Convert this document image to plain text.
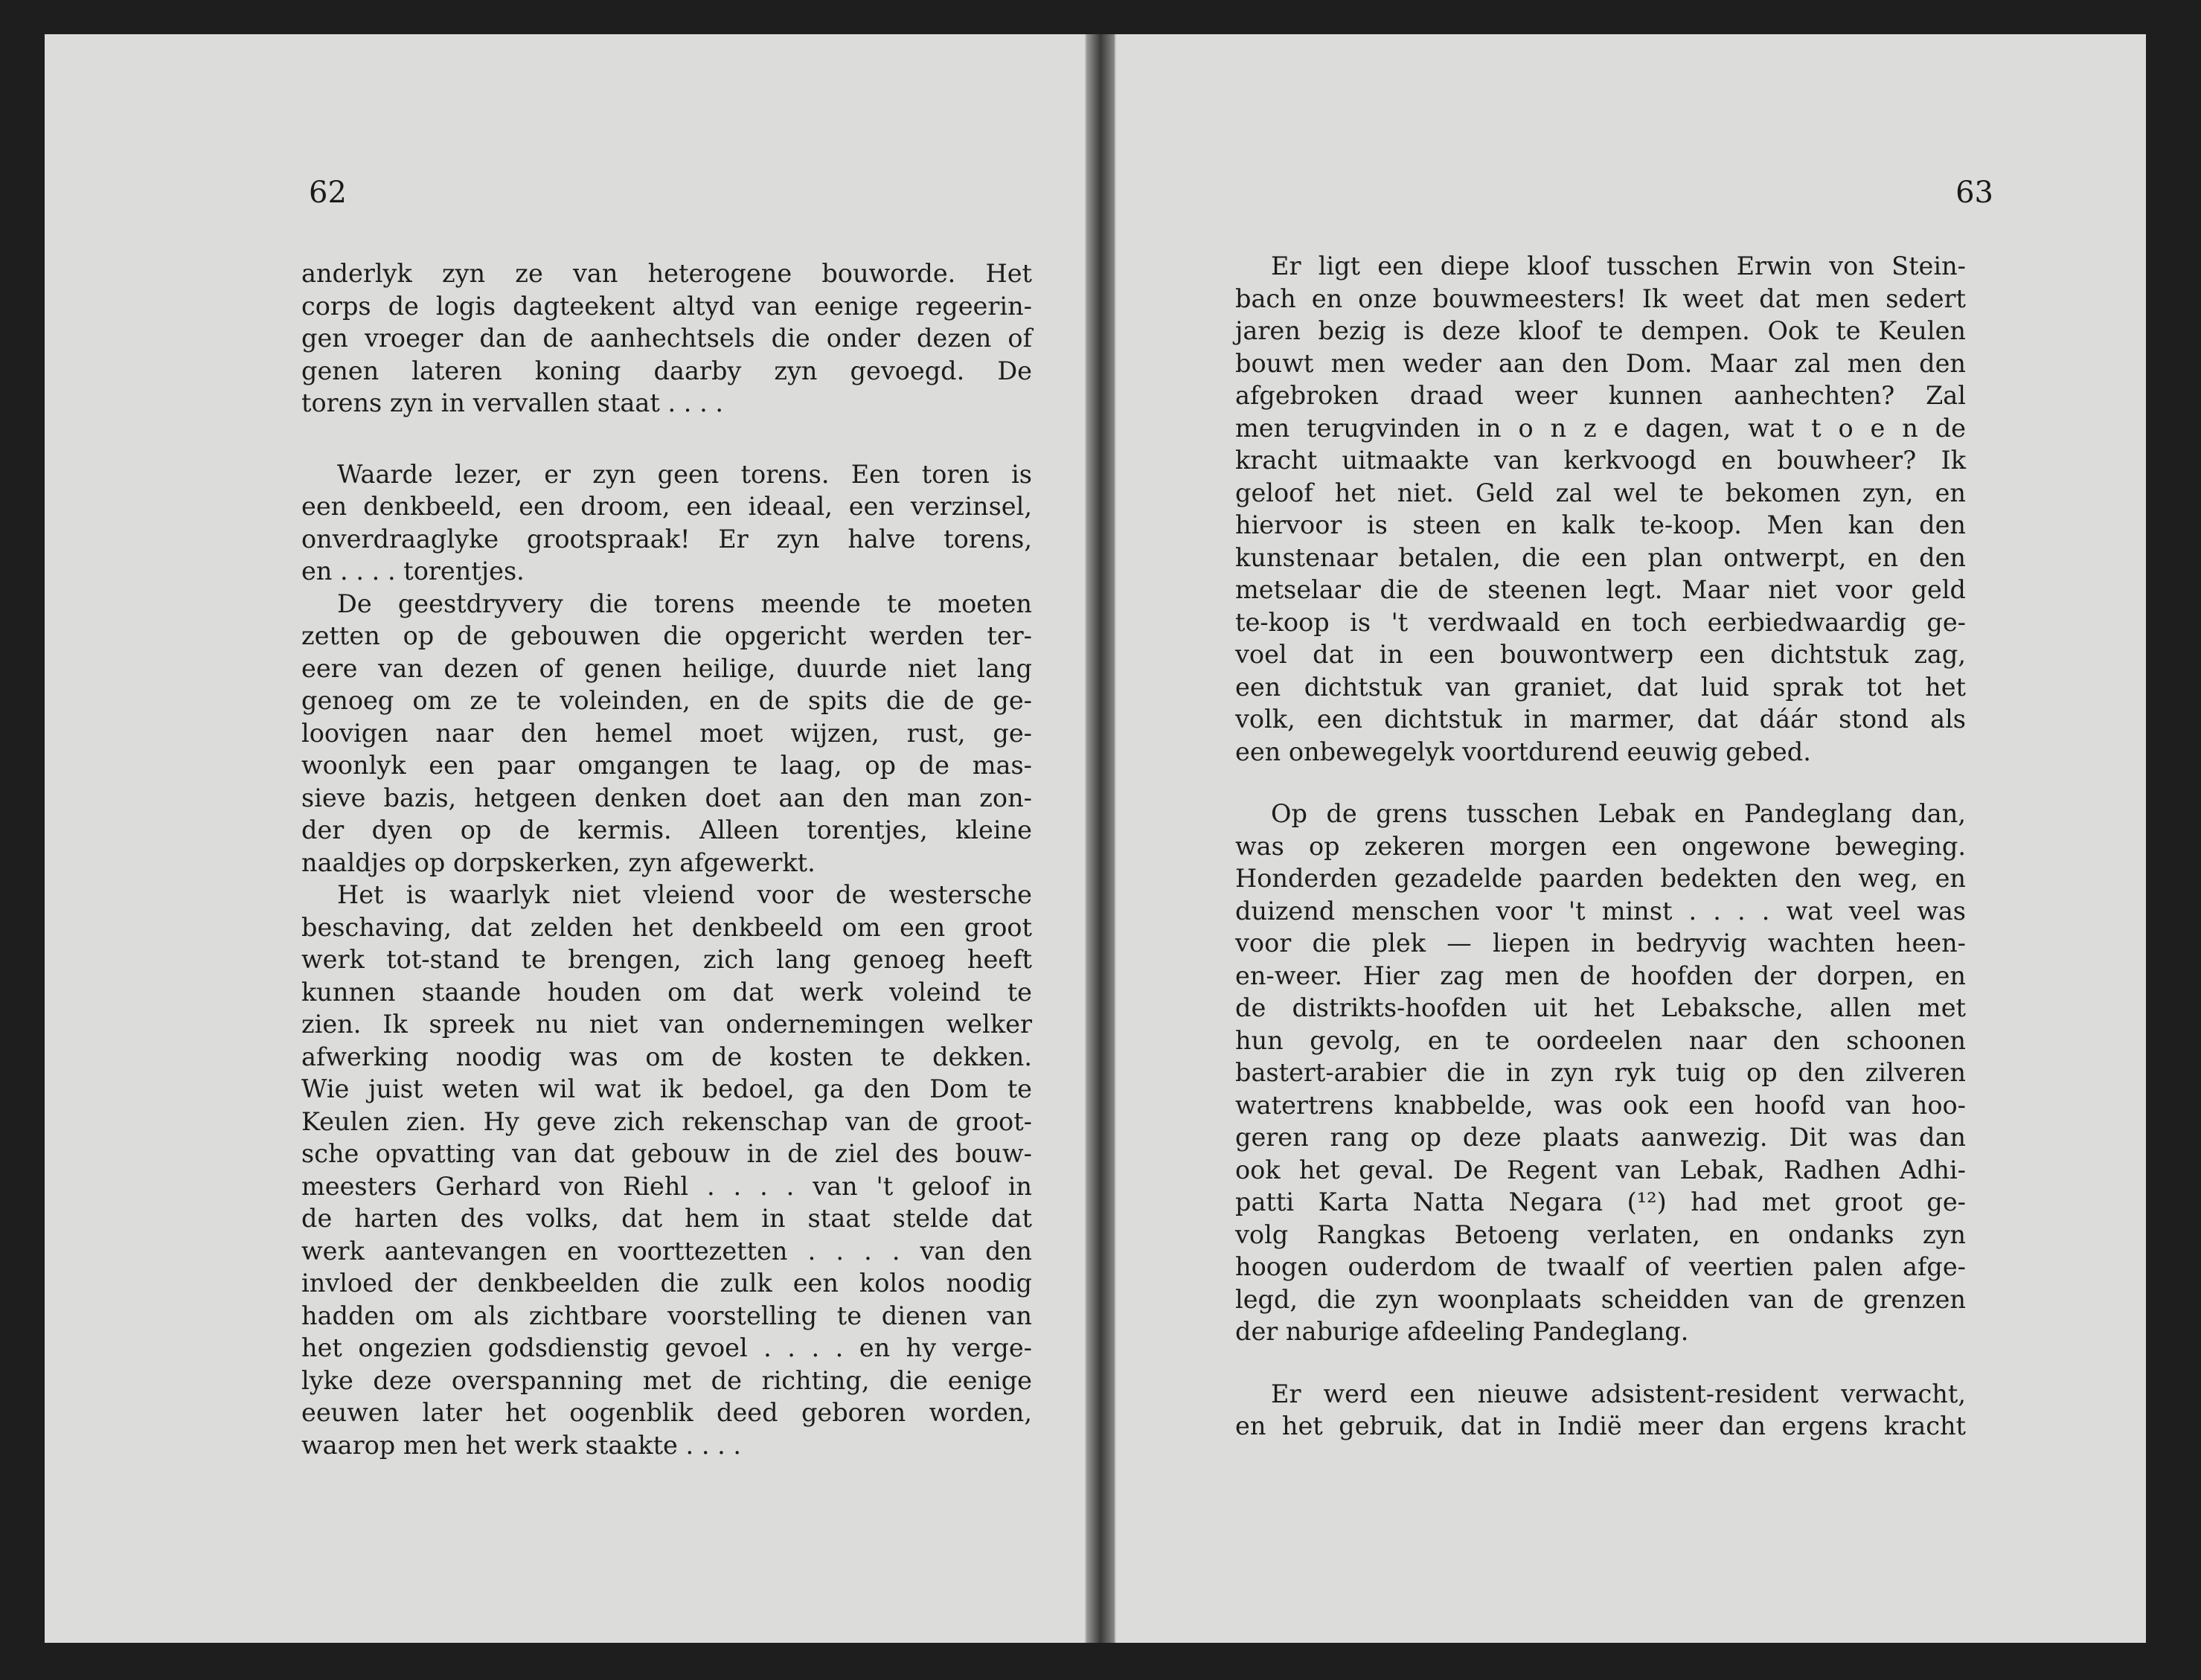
62
anderlyk zyn ze van heterogene bouworde. Het
corps de logis dagteekent altyd van eenige regeerin-
gen vroeger dan de aanhechtsels die onder dezen of
genen lateren koning daarby zyn gevoegd. De
torens zyn in vervallen staat . . . .
Waarde lezer, er zyn geen torens. Een toren is
een denkbeeld, een droom, een ideaal, een verzinsel,
onverdraaglyke grootspraak! Er zyn halve torens,
en . . . . torentjes.
De geestdryvery die torens meende te moeten
zetten op de gebouwen die opgericht werden ter-
eere van dezen of genen heilige, duurde niet lang
genoeg om ze te voleinden, en de spits die de ge-
loovigen naar den hemel moet wijzen, rust, ge-
woonlyk een paar omgangen te laag, op de mas-
sieve bazis, hetgeen denken doet aan den man zon-
der dyen op de kermis. Alleen torentjes, kleine
naaldjes op dorpskerken, zyn afgewerkt.
Het is waarlyk niet vleiend voor de westersche
beschaving, dat zelden het denkbeeld om een groot
werk tot-stand te brengen, zich lang genoeg heeft
kunnen staande houden om dat werk voleind te
zien. Ik spreek nu niet van ondernemingen welker
afwerking noodig was om de kosten te dekken.
Wie juist weten wil wat ik bedoel, ga den Dom te
Keulen zien. Hy geve zich rekenschap van de groot-
sche opvatting van dat gebouw in de ziel des bouw-
meesters Gerhard von Riehl . . . . van 't geloof in
de harten des volks, dat hem in staat stelde dat
werk aantevangen en voorttezetten . . . . van den
invloed der denkbeelden die zulk een kolos noodig
hadden om als zichtbare voorstelling te dienen van
het ongezien godsdienstig gevoel . . . . en hy verge-
lyke deze overspanning met de richting, die eenige
eeuwen later het oogenblik deed geboren worden,
waarop men het werk staakte . . . .
63
Er ligt een diepe kloof tusschen Erwin von Stein-
bach en onze bouwmeesters! Ik weet dat men sedert
jaren bezig is deze kloof te dempen. Ook te Keulen
bouwt men weder aan den Dom. Maar zal men den
afgebroken draad weer kunnen aanhechten? Zal
men terugvinden in o n z e dagen, wat t o e n de
kracht uitmaakte van kerkvoogd en bouwheer? Ik
geloof het niet. Geld zal wel te bekomen zyn, en
hiervoor is steen en kalk te-koop. Men kan den
kunstenaar betalen, die een plan ontwerpt, en den
metselaar die de steenen legt. Maar niet voor geld
te-koop is 't verdwaald en toch eerbiedwaardig ge-
voel dat in een bouwontwerp een dichtstuk zag,
een dichtstuk van graniet, dat luid sprak tot het
volk, een dichtstuk in marmer, dat dáár stond als
een onbewegelyk voortdurend eeuwig gebed.
Op de grens tusschen Lebak en Pandeglang dan,
was op zekeren morgen een ongewone beweging.
Honderden gezadelde paarden bedekten den weg, en
duizend menschen voor 't minst . . . . wat veel was
voor die plek — liepen in bedryvig wachten heen-
en-weer. Hier zag men de hoofden der dorpen, en
de distrikts-hoofden uit het Lebaksche, allen met
hun gevolg, en te oordeelen naar den schoonen
bastert-arabier die in zyn ryk tuig op den zilveren
watertrens knabbelde, was ook een hoofd van hoo-
geren rang op deze plaats aanwezig. Dit was dan
ook het geval. De Regent van Lebak, Radhen Adhi-
patti Karta Natta Negara (¹²) had met groot ge-
volg Rangkas Betoeng verlaten, en ondanks zyn
hoogen ouderdom de twaalf of veertien palen afge-
legd, die zyn woonplaats scheidden van de grenzen
der naburige afdeeling Pandeglang.
Er werd een nieuwe adsistent-resident verwacht,
en het gebruik, dat in Indië meer dan ergens kracht
